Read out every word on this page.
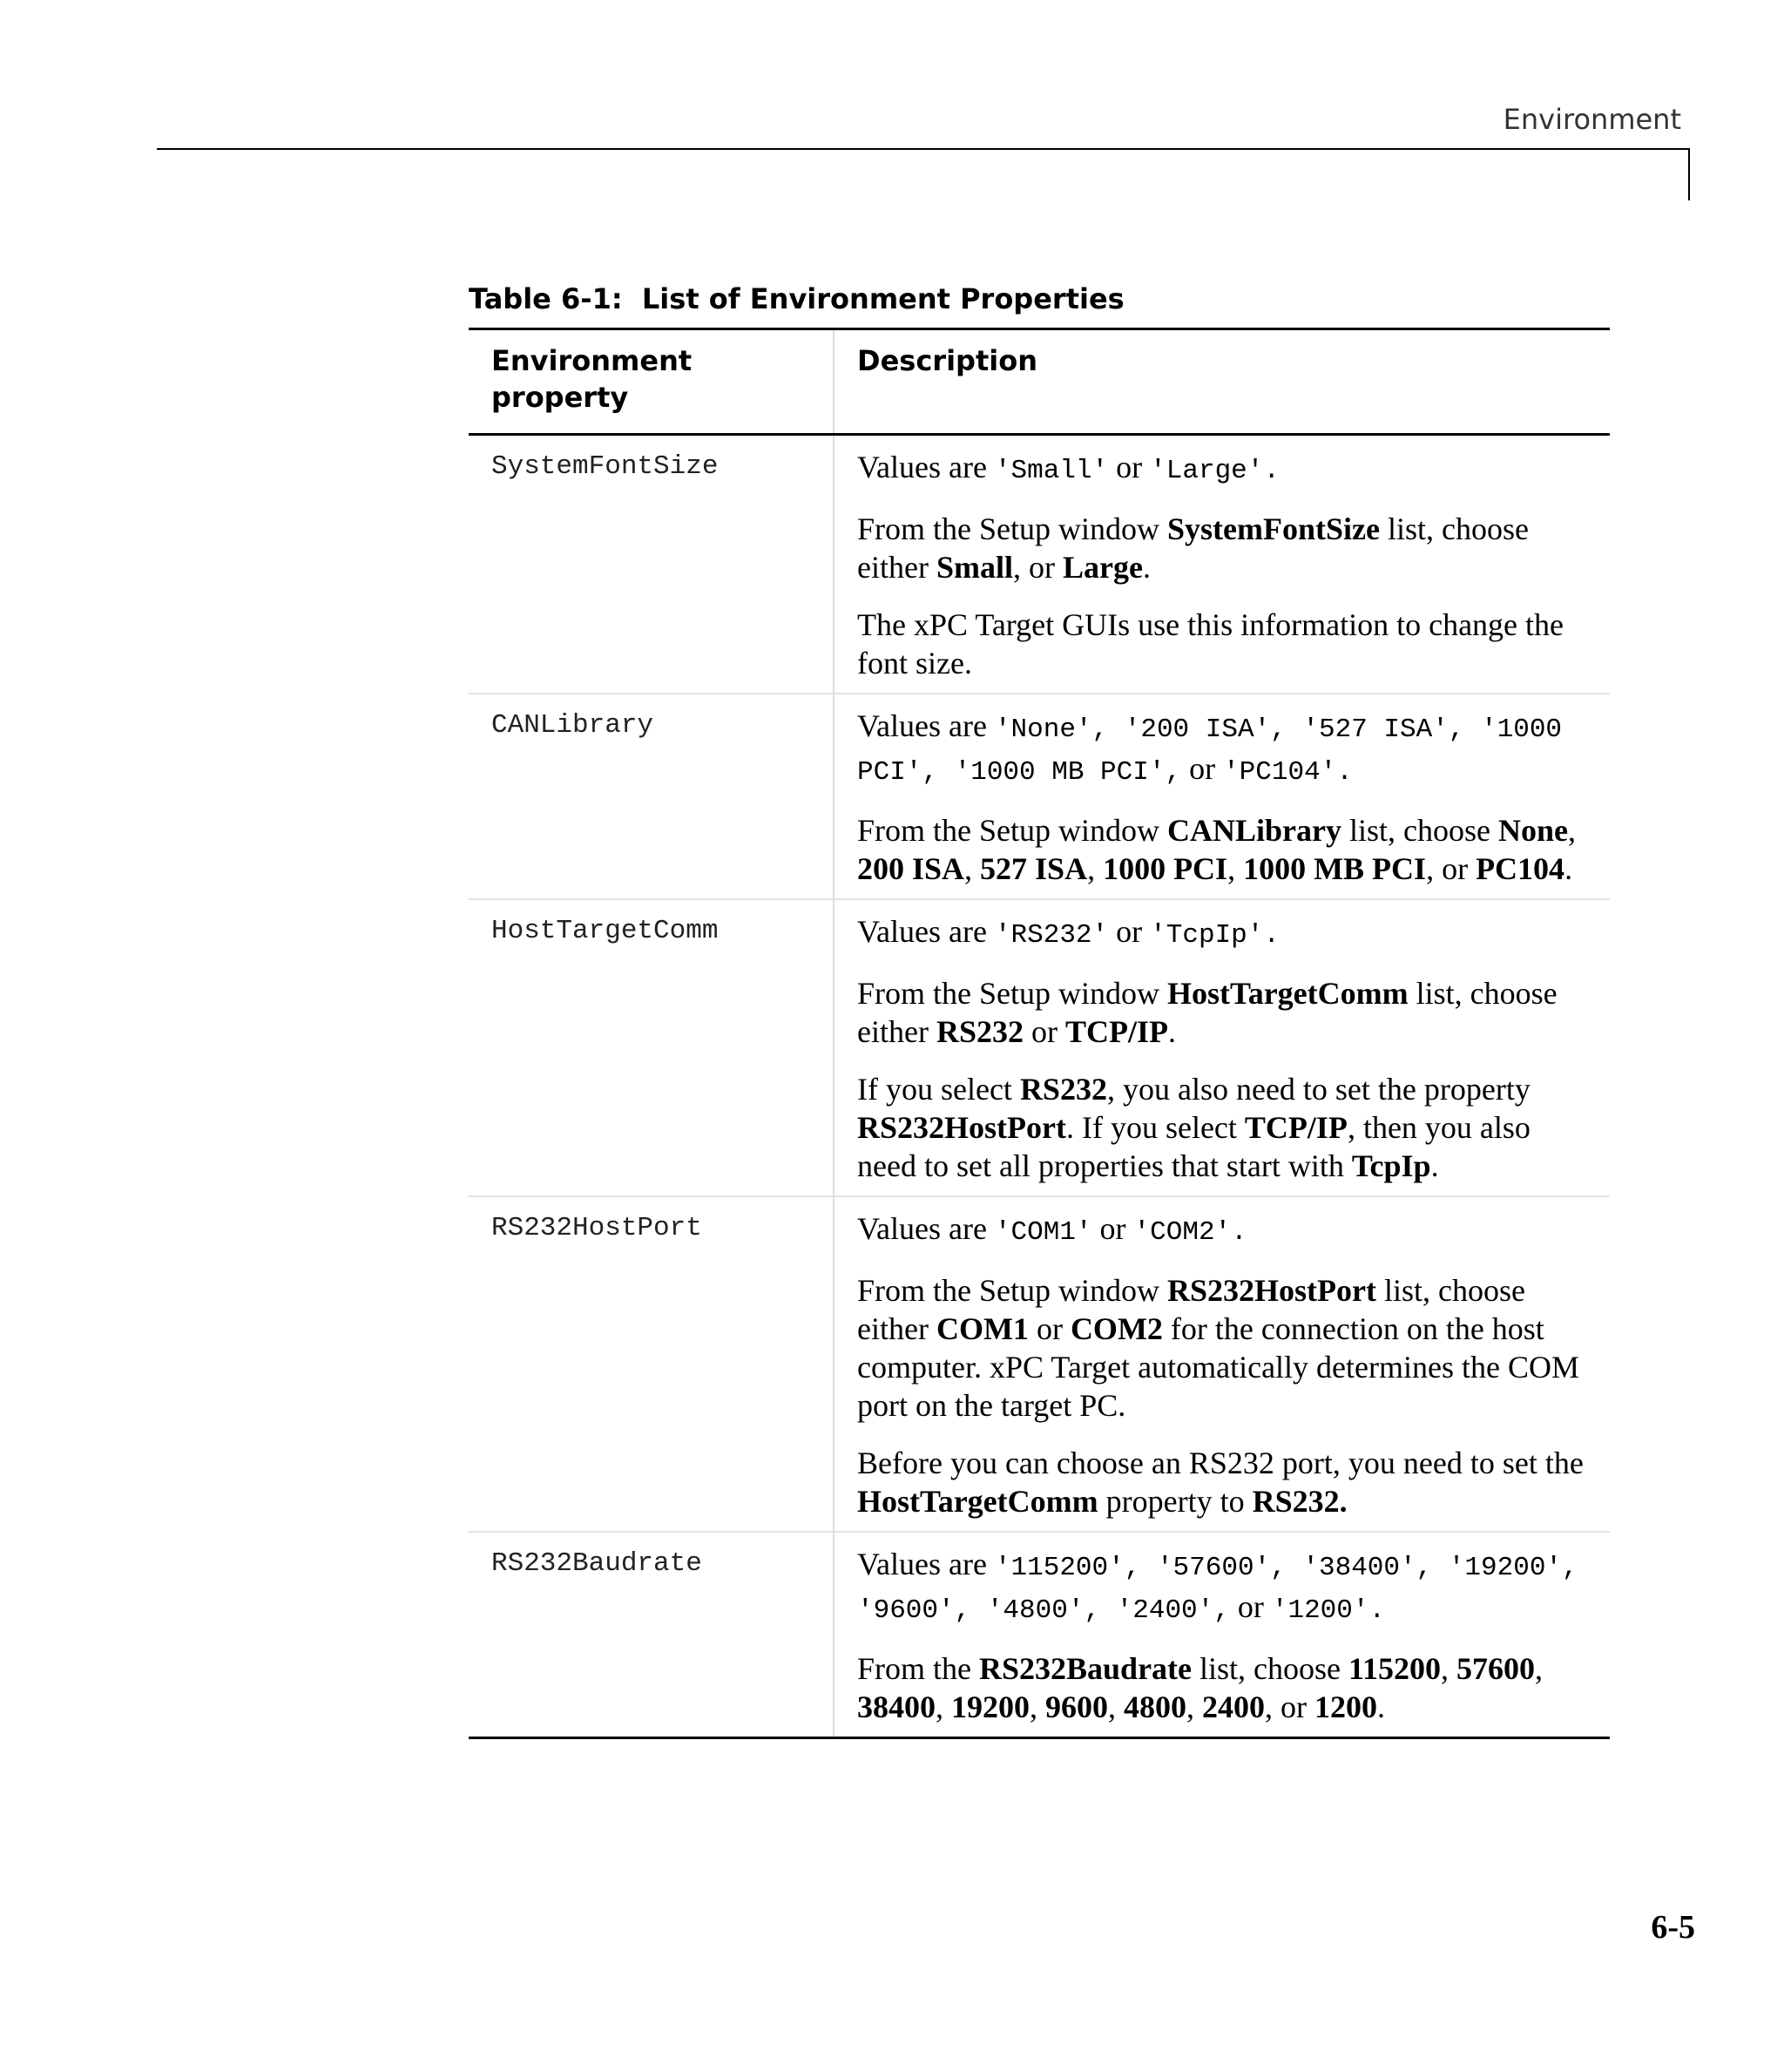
Environment
Table 6-1: List of Environment Properties
Environment property	Description
SystemFontSize	Values are 'Small' or 'Large'.

From the Setup window SystemFontSize list, choose either Small, or Large.

The xPC Target GUIs use this information to change the font size.

CANLibrary	Values are 'None', '200 ISA', '527 ISA', '1000 PCI', '1000 MB PCI', or 'PC104'.

From the Setup window CANLibrary list, choose None, 200 ISA, 527 ISA, 1000 PCI, 1000 MB PCI, or PC104.

HostTargetComm	Values are 'RS232' or 'TcpIp'.

From the Setup window HostTargetComm list, choose either RS232 or TCP/IP.

If you select RS232, you also need to set the property RS232HostPort. If you select TCP/IP, then you also need to set all properties that start with TcpIp.

RS232HostPort	Values are 'COM1' or 'COM2'.

From the Setup window RS232HostPort list, choose either COM1 or COM2 for the connection on the host computer. xPC Target automatically determines the COM port on the target PC.

Before you can choose an RS232 port, you need to set the HostTargetComm property to RS232.

RS232Baudrate	Values are '115200', '57600', '38400', '19200', '9600', '4800', '2400', or '1200'.

From the RS232Baudrate list, choose 115200, 57600, 38400, 19200, 9600, 4800, 2400, or 1200.

6-5
